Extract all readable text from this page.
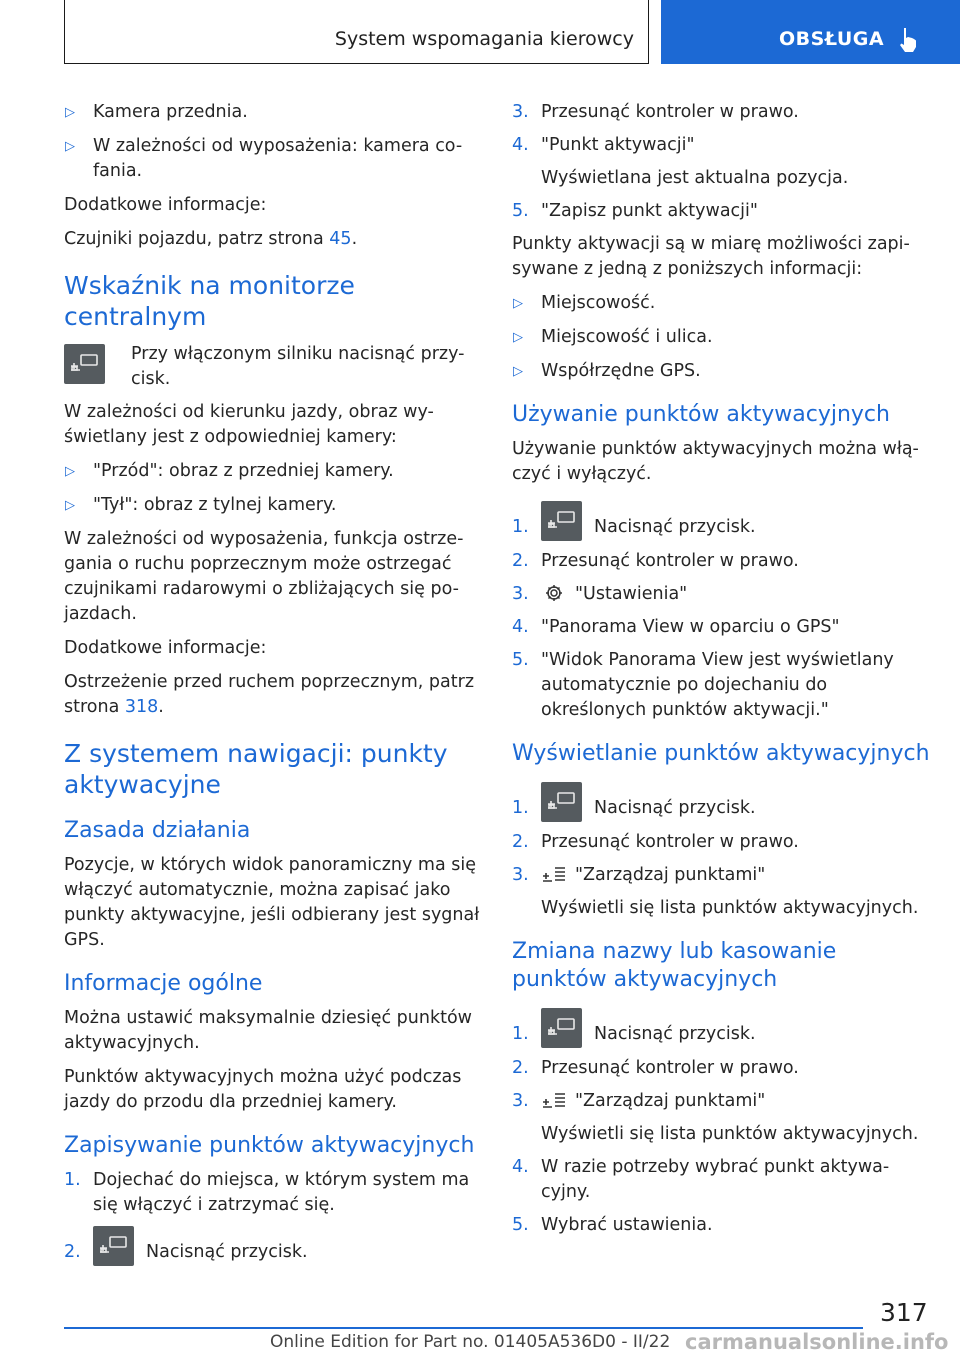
System wspomagania kierowcy	OBSŁUGA
▷ Kamera przednia.
▷ W zależności od wyposażenia: kamera co-fania.
Dodatkowe informacje:
Czujniki pojazdu, patrz strona 45.
Wskaźnik na monitorze centralnym
Przy włączonym silniku nacisnąć przy-cisk.
W zależności od kierunku jazdy, obraz wy-świetlany jest z odpowiedniej kamery:
▷ "Przód": obraz z przedniej kamery.
▷ "Tył": obraz z tylnej kamery.
W zależności od wyposażenia, funkcja ostrze-gania o ruchu poprzecznym może ostrzegać czujnikami radarowymi o zbliżających się po-jazdach.
Dodatkowe informacje:
Ostrzeżenie przed ruchem poprzecznym, patrz strona 318.
Z systemem nawigacji: punkty aktywacyjne
Zasada działania
Pozycje, w których widok panoramiczny ma się włączyć automatycznie, można zapisać jako punkty aktywacyjne, jeśli odbierany jest sygnał GPS.
Informacje ogólne
Można ustawić maksymalnie dziesięć punktów aktywacyjnych.
Punktów aktywacyjnych można użyć podczas jazdy do przodu dla przedniej kamery.
Zapisywanie punktów aktywacyjnych
1. Dojechać do miejsca, w którym system ma się włączyć i zatrzymać się.
2.	Nacisnąć przycisk.
3. Przesunąć kontroler w prawo.
4. "Punkt aktywacji"
Wyświetlana jest aktualna pozycja.
5. "Zapisz punkt aktywacji"
Punkty aktywacji są w miarę możliwości zapi-sywane z jedną z poniższych informacji:
▷ Miejscowość.
▷ Miejscowość i ulica.
▷ Współrzędne GPS.
Używanie punktów aktywacyjnych
Używanie punktów aktywacyjnych można włą-czyć i wyłączyć.
1.	Nacisnąć przycisk.
2. Przesunąć kontroler w prawo.
3.	"Ustawienia"
4. "Panorama View w oparciu o GPS"
5. "Widok Panorama View jest wyświetlany automatycznie po dojechaniu do określonych punktów aktywacji."
Wyświetlanie punktów aktywacyjnych
1.	Nacisnąć przycisk.
2. Przesunąć kontroler w prawo.
3.	"Zarządzaj punktami"
Wyświetli się lista punktów aktywacyjnych.
Zmiana nazwy lub kasowanie punktów aktywacyjnych
1.	Nacisnąć przycisk.
2. Przesunąć kontroler w prawo.
3.	"Zarządzaj punktami"
Wyświetli się lista punktów aktywacyjnych.
4. W razie potrzeby wybrać punkt aktywa-cyjny.
5. Wybrać ustawienia.
317
Online Edition for Part no. 01405A536D0 - II/22 carmanualsonline.info
